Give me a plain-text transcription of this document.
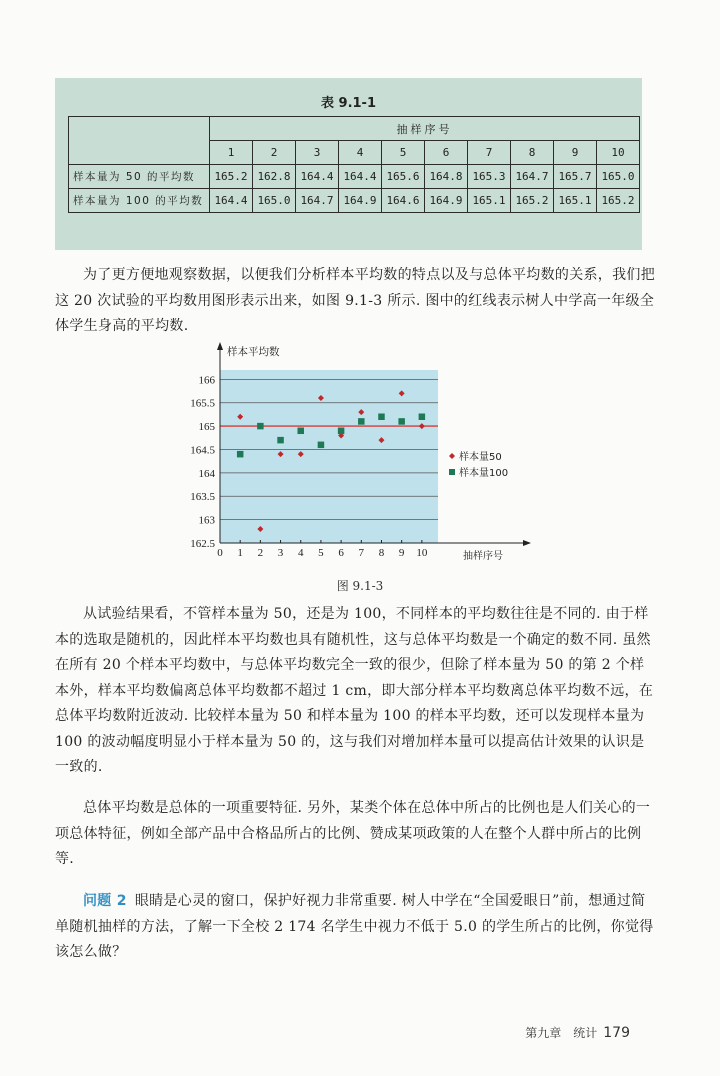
表 9.1-1
	抽样序号									
	1	2	3	4	5	6	7	8	9	10
样本量为 50 的平均数	165.2	162.8	164.4	164.4	165.6	164.8	165.3	164.7	165.7	165.0
样本量为 100 的平均数	164.4	165.0	164.7	164.9	164.6	164.9	165.1	165.2	165.1	165.2

为了更方便地观察数据，以便我们分析样本平均数的特点以及与总体平均数的关系，我们把这 20 次试验的平均数用图形表示出来，如图 9.1-3 所示. 图中的红线表示树人中学高一年级全体学生身高的平均数.

162.5
163
163.5
164
164.5
165
165.5
166
0 1 2 3 4 5 6 7 8 9 10
样本平均数
抽样序号
样本量50
样本量100
图 9.1-3

从试验结果看，不管样本量为 50，还是为 100，不同样本的平均数往往是不同的. 由于样本的选取是随机的，因此样本平均数也具有随机性，这与总体平均数是一个确定的数不同. 虽然在所有 20 个样本平均数中，与总体平均数完全一致的很少，但除了样本量为 50 的第 2 个样本外，样本平均数偏离总体平均数都不超过 1 cm，即大部分样本平均数离总体平均数不远，在总体平均数附近波动. 比较样本量为 50 和样本量为 100 的样本平均数，还可以发现样本量为 100 的波动幅度明显小于样本量为 50 的，这与我们对增加样本量可以提高估计效果的认识是一致的.

总体平均数是总体的一项重要特征. 另外，某类个体在总体中所占的比例也是人们关心的一项总体特征，例如全部产品中合格品所占的比例、赞成某项政策的人在整个人群中所占的比例等.

问题 2 眼睛是心灵的窗口，保护好视力非常重要. 树人中学在“全国爱眼日”前，想通过简单随机抽样的方法，了解一下全校 2 174 名学生中视力不低于 5.0 的学生所占的比例，你觉得该怎么做？

第九章　统计 179
